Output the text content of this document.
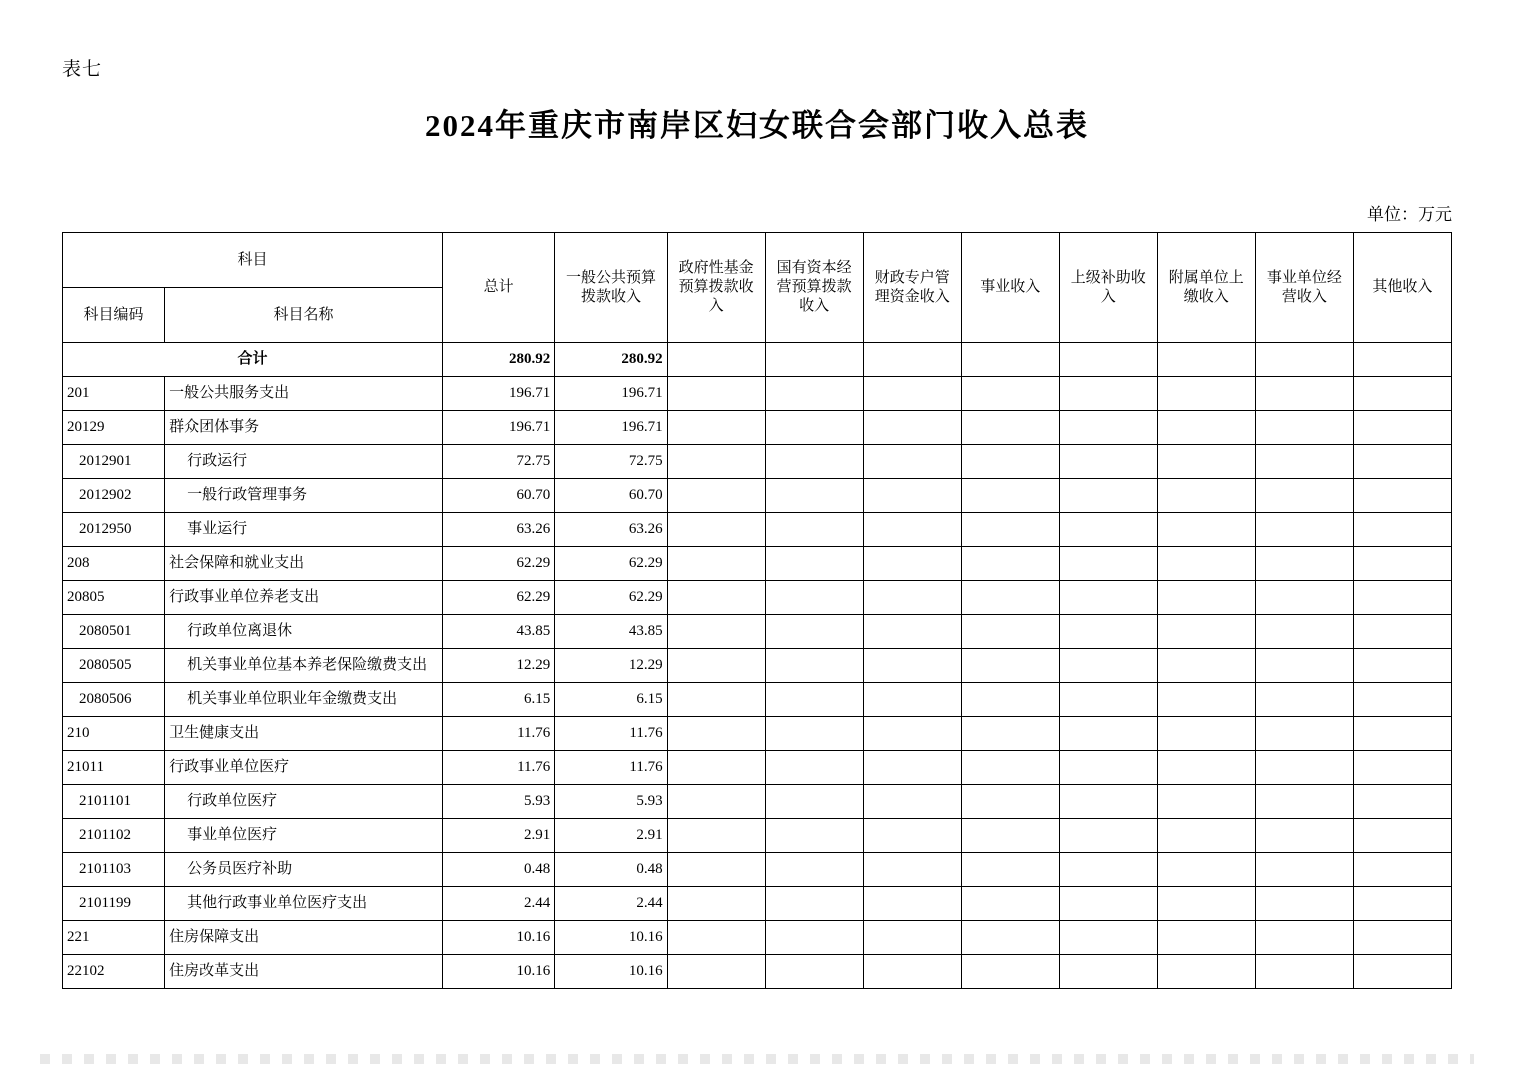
表七
2024年重庆市南岸区妇女联合会部门收入总表
单位：万元
科目		总计	一般公共预算拨款收入	政府性基金预算拨款收入	国有资本经营预算拨款收入	财政专户管理资金收入	事业收入	上级补助收入	附属单位上缴收入	事业单位经营收入	其他收入
科目编码	科目名称										
合计		280.92	280.92								
201	一般公共服务支出	196.71	196.71								
20129	群众团体事务	196.71	196.71								
2012901	行政运行	72.75	72.75								
2012902	一般行政管理事务	60.70	60.70								
2012950	事业运行	63.26	63.26								
208	社会保障和就业支出	62.29	62.29								
20805	行政事业单位养老支出	62.29	62.29								
2080501	行政单位离退休	43.85	43.85								
2080505	机关事业单位基本养老保险缴费支出	12.29	12.29								
2080506	机关事业单位职业年金缴费支出	6.15	6.15								
210	卫生健康支出	11.76	11.76								
21011	行政事业单位医疗	11.76	11.76								
2101101	行政单位医疗	5.93	5.93								
2101102	事业单位医疗	2.91	2.91								
2101103	公务员医疗补助	0.48	0.48								
2101199	其他行政事业单位医疗支出	2.44	2.44								
221	住房保障支出	10.16	10.16								
22102	住房改革支出	10.16	10.16								
